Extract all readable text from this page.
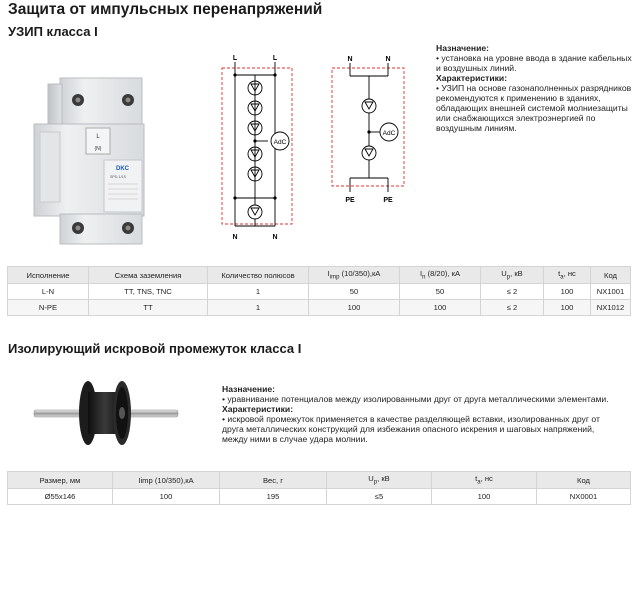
Защита от импульсных перенапряжений
УЗИП класса I
L
(N)
DKC
SPD-1/1S
L	L
AdC
N	N
N	N
AdC
PE	PE
Назначение:
• установка на уровне ввода в здание кабельных и воздушных линий.
Характеристики:
• УЗИП на основе газонаполненных разрядников рекомендуются к применению в зданиях, обладающих внешней системой молниезащиты или снабжающихся электроэнергией по воздушным линиям.
Исполнение	Схема заземления	Количество полюсов	$I_{imp}$ (10/350),кА	$I_n$ (8/20), кА	$U_p$, кВ	$t_a$, нс	Код
L-N	TT, TNS, TNC	1	50	50	≤ 2	100	NX1001
N-PE	TT	1	100	100	≤ 2	100	NX1012
Изолирующий искровой промежуток класса I
Назначение:
• уравнивание потенциалов между изолированными друг от друга металлическими элементами.
Характеристики:
• искровой промежуток применяется в качестве разделяющей вставки, изолированных друг от друга металлических конструкций для избежания опасного искрения и шаговых напряжений, между ними в случае удара молнии.
Размер, мм	Iimp (10/350),кА	Вес, г	$U_p$, кВ	$t_a$, нс	Код
Ø55x146	100	195	≤5	100	NX0001
